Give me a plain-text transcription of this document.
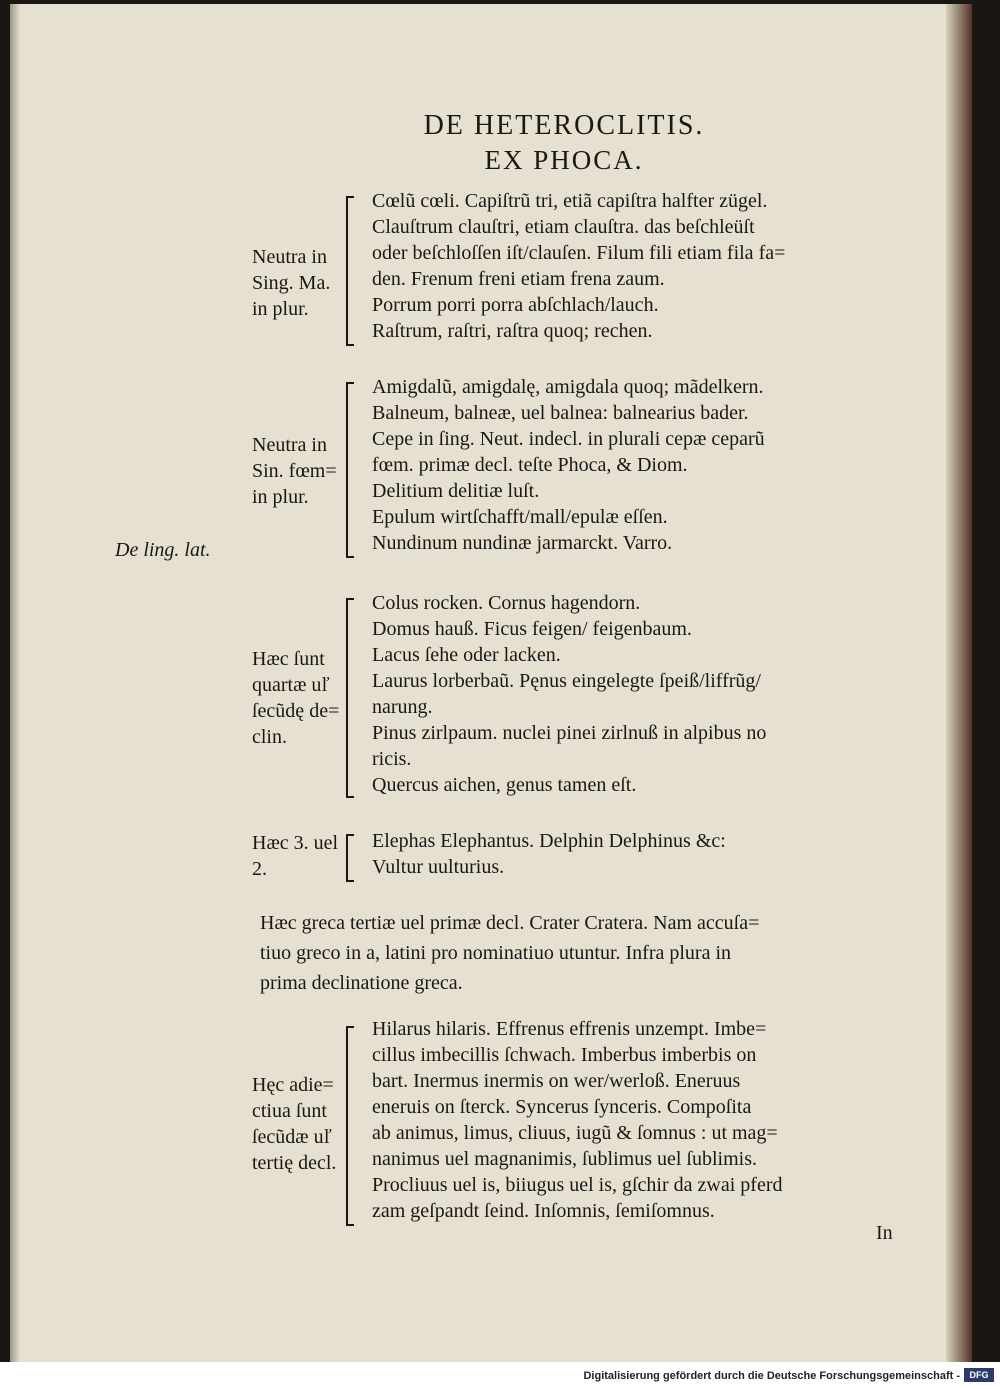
DE HETEROCLITIS.
EX PHOCA.
Neutra in
Sing. Ma.
in plur.
Cœlũ cœli. Capiſtrũ tri, etiã capiſtra halfter zügel.
Clauſtrum clauſtri, etiam clauſtra. das beſchleüſt
oder beſchloſſen iſt/clauſen. Filum fili etiam fila fa=
den. Frenum freni etiam frena zaum.
Porrum porri porra abſchlach/lauch.
Raſtrum, raſtri, raſtra quoq; rechen.
Neutra in
Sin. fœm=
in plur.
Amigdalũ, amigdalę, amigdala quoq; mãdelkern.
Balneum, balneæ, uel balnea: balnearius bader.
Cepe in ſing. Neut. indecl. in plurali cepæ ceparũ
fœm. primæ decl. teſte Phoca, & Diom.
Delitium delitiæ luſt.
Epulum wirtſchafft/mall/epulæ eſſen.
Nundinum nundinæ jarmarckt. Varro.
De ling. lat.
Hæc ſunt
quartæ uľ
ſecũdę de=
clin.
Colus rocken. Cornus hagendorn.
Domus hauß. Ficus feigen/ feigenbaum.
Lacus ſehe oder lacken.
Laurus lorberbaũ. Pęnus eingelegte ſpeiß/liffrũg/
narung.
Pinus zirlpaum. nuclei pinei zirlnuß in alpibus no
ricis.
Quercus aichen, genus tamen eſt.
Hæc 3. uel
2.
Elephas Elephantus. Delphin Delphinus &c:
Vultur uulturius.
Hæc greca tertiæ uel primæ decl. Crater Cratera. Nam accuſa=
tiuo greco in a, latini pro nominatiuo utuntur. Infra plura in
prima declinatione greca.
Hęc adie=
ctiua ſunt
ſecũdæ uľ
tertię decl.
Hilarus hilaris. Effrenus effrenis unzempt. Imbe=
cillus imbecillis ſchwach. Imberbus imberbis on
bart. Inermus inermis on wer/werloß. Eneruus
eneruis on ſterck. Syncerus ſynceris. Compoſita
ab animus, limus, cliuus, iugũ & ſomnus : ut mag=
nanimus uel magnanimis, ſublimus uel ſublimis.
Procliuus uel is, biiugus uel is, gſchir da zwai pferd
zam geſpandt ſeind. Inſomnis, ſemiſomnus.
In
Digitalisierung gefördert durch die Deutsche Forschungsgemeinschaft -	DFG
